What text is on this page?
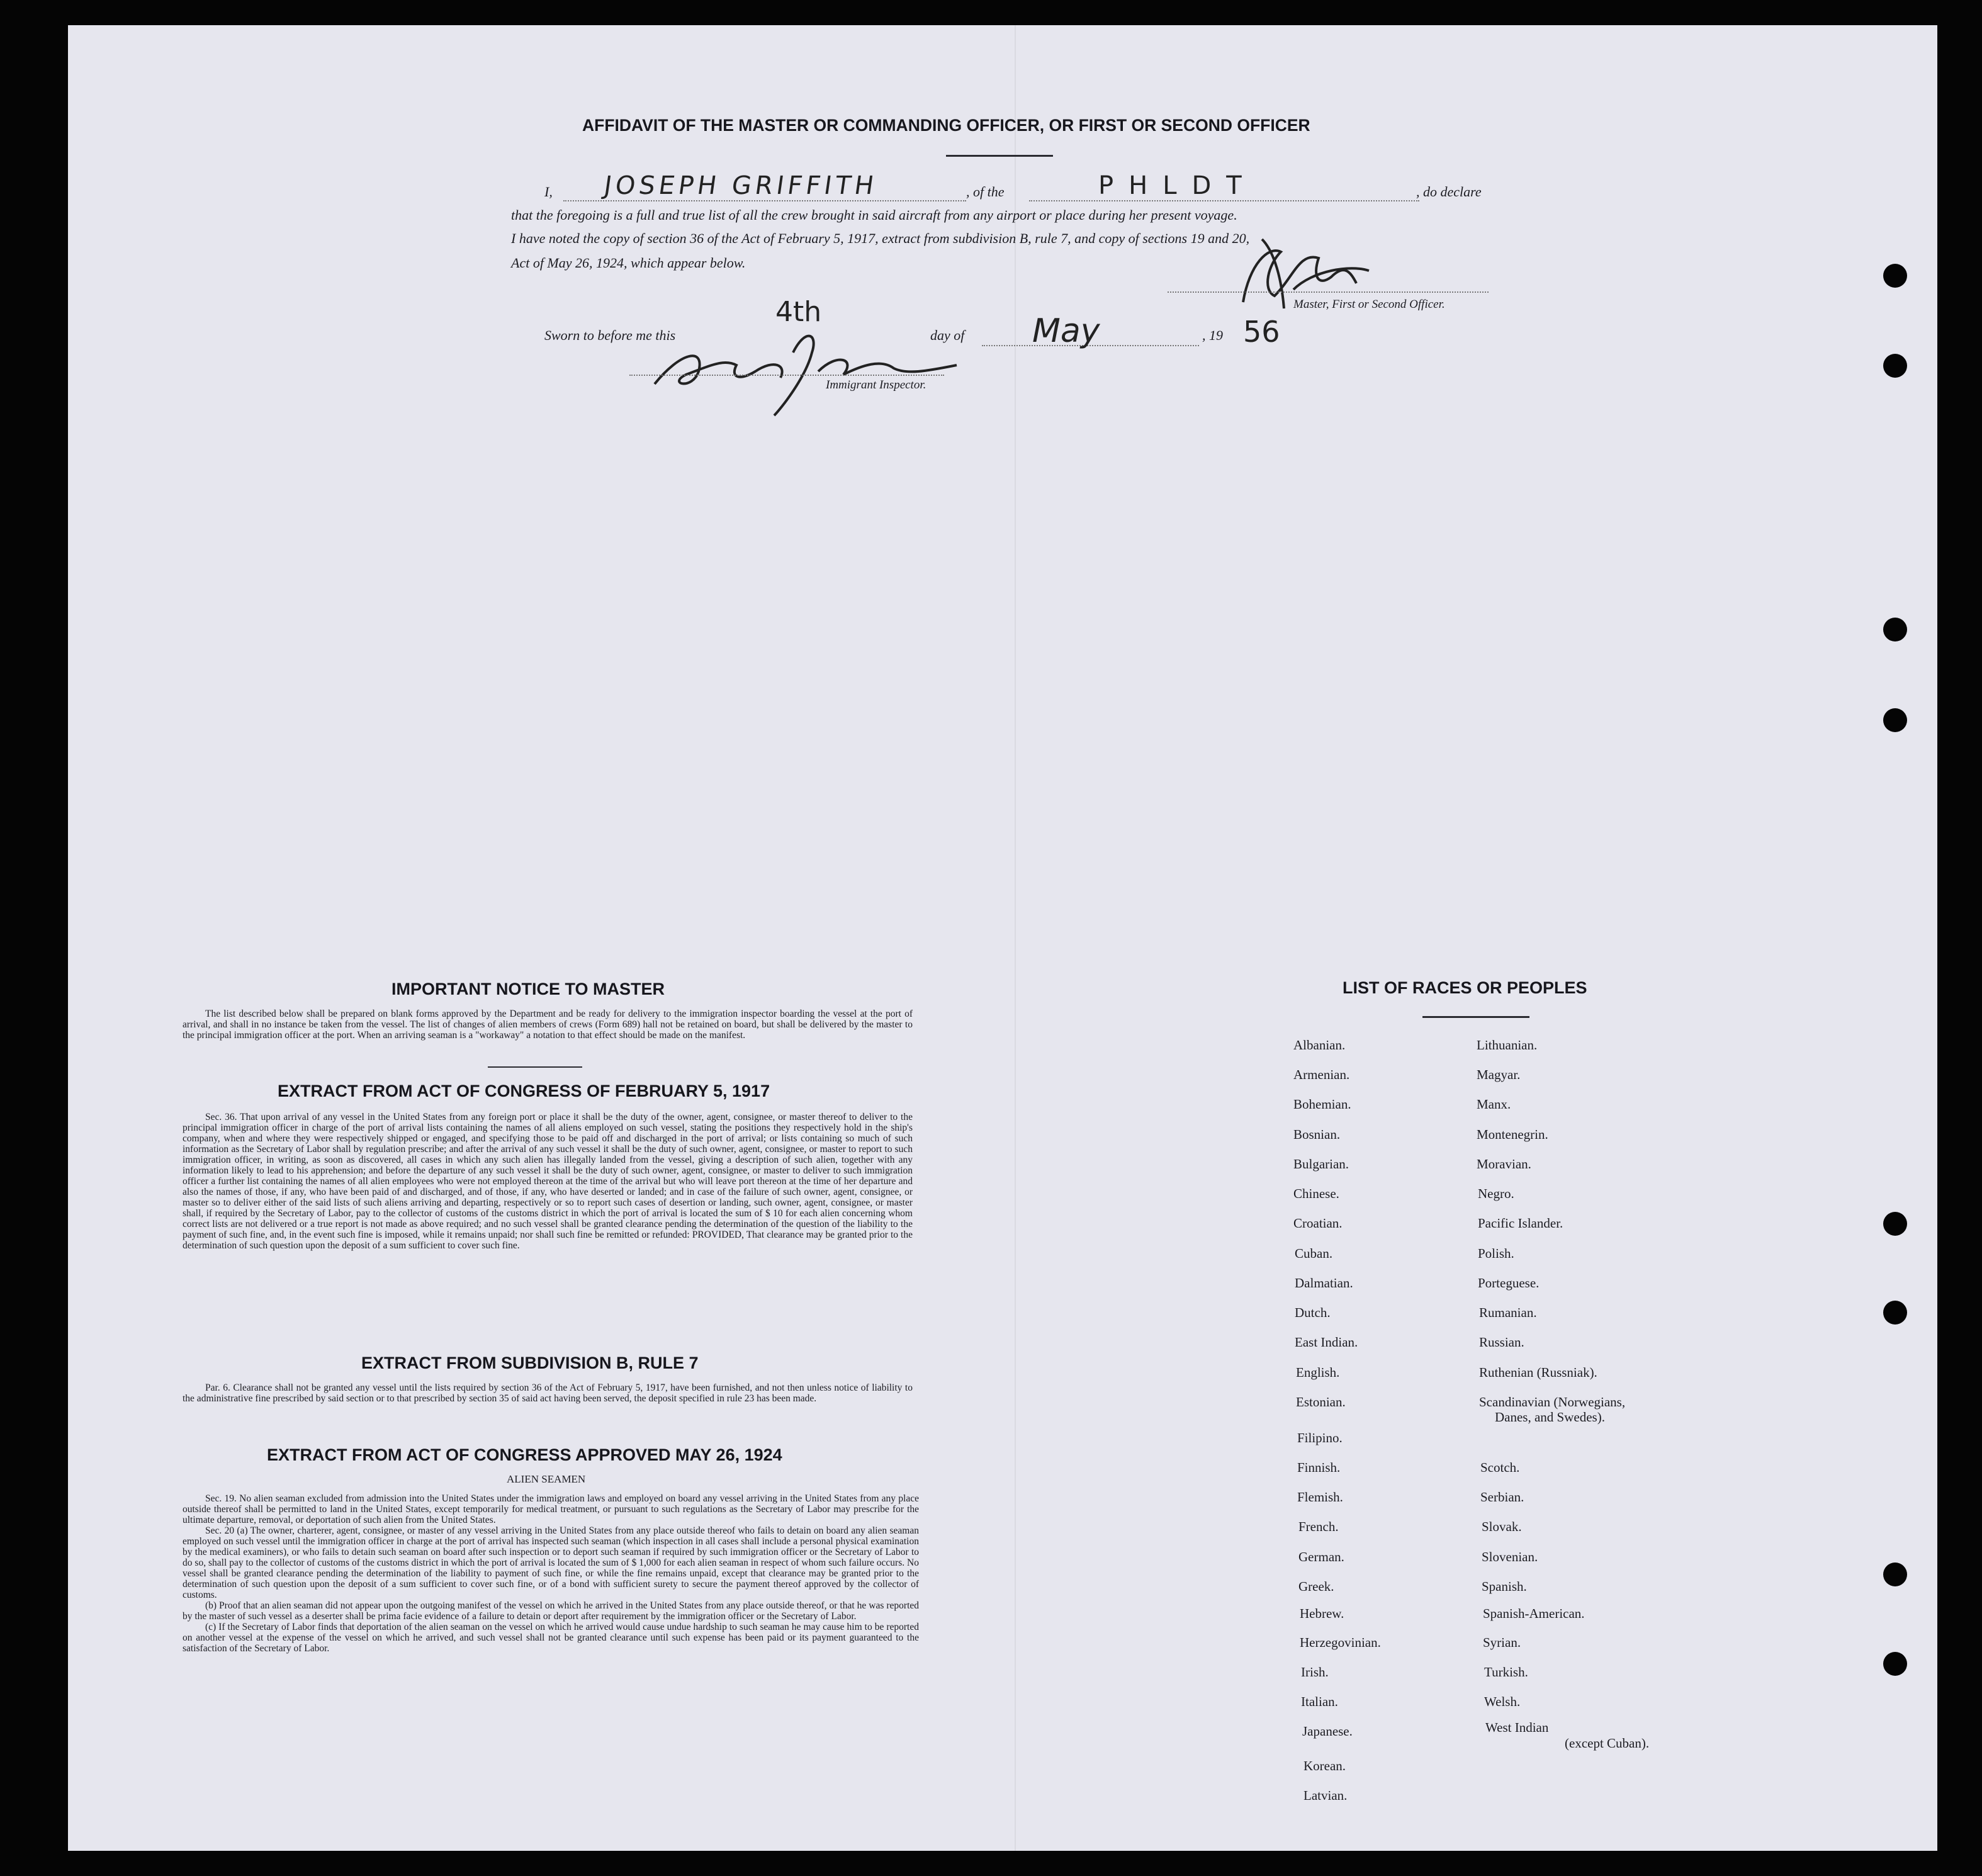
AFFIDAVIT OF THE MASTER OR COMMANDING OFFICER, OR FIRST OR SECOND OFFICER
I, JOSEPH GRIFFITH	, of the	PHLDT	, do declare
that the foregoing is a full and true list of all the crew brought in said aircraft from any airport or place during her present voyage.
I have noted the copy of section 36 of the Act of February 5, 1917, extract from subdivision B, rule 7, and copy of sections 19 and 20,
Act of May 26, 1924, which appear below.
Master, First or Second Officer.
Sworn to before me this
4th
day of May	, 19 56
Immigrant Inspector.
IMPORTANT NOTICE TO MASTER

The list described below shall be prepared on blank forms approved by the Department and be ready for delivery to the immigration inspector boarding the vessel at the port of arrival, and shall in no instance be taken from the vessel. The list of changes of alien members of crews (Form 689) hall not be retained on board, but shall be delivered by the master to the principal immigration officer at the port. When an arriving seaman is a "workaway" a notation to that effect should be made on the manifest.

EXTRACT FROM ACT OF CONGRESS OF FEBRUARY 5, 1917

Sec. 36. That upon arrival of any vessel in the United States from any foreign port or place it shall be the duty of the owner, agent, consignee, or master thereof to deliver to the principal immigration officer in charge of the port of arrival lists containing the names of all aliens employed on such vessel, stating the positions they respectively hold in the ship's company, when and where they were respectively shipped or engaged, and specifying those to be paid off and discharged in the port of arrival; or lists containing so much of such information as the Secretary of Labor shall by regulation prescribe; and after the arrival of any such vessel it shall be the duty of such owner, agent, consignee, or master to report to such immigration officer, in writing, as soon as discovered, all cases in which any such alien has illegally landed from the vessel, giving a description of such alien, together with any information likely to lead to his apprehension; and before the departure of any such vessel it shall be the duty of such owner, agent, consignee, or master to deliver to such immigration officer a further list containing the names of all alien employees who were not employed thereon at the time of the arrival but who will leave port thereon at the time of her departure and also the names of those, if any, who have been paid of and discharged, and of those, if any, who have deserted or landed; and in case of the failure of such owner, agent, consignee, or master so to deliver either of the said lists of such aliens arriving and departing, respectively or so to report such cases of desertion or landing, such owner, agent, consignee, or master shall, if required by the Secretary of Labor, pay to the collector of customs of the customs district in which the port of arrival is located the sum of $ 10 for each alien concerning whom correct lists are not delivered or a true report is not made as above required; and no such vessel shall be granted clearance pending the determination of the question of the liability to the payment of such fine, and, in the event such fine is imposed, while it remains unpaid; nor shall such fine be remitted or refunded: PROVIDED, That clearance may be granted prior to the determination of such question upon the deposit of a sum sufficient to cover such fine.

EXTRACT FROM SUBDIVISION B, RULE 7

Par. 6. Clearance shall not be granted any vessel until the lists required by section 36 of the Act of February 5, 1917, have been furnished, and not then unless notice of liability to the administrative fine prescribed by said section or to that prescribed by section 35 of said act having been served, the deposit specified in rule 23 has been made.

EXTRACT FROM ACT OF CONGRESS APPROVED MAY 26, 1924
ALIEN SEAMEN

Sec. 19. No alien seaman excluded from admission into the United States under the immigration laws and employed on board any vessel arriving in the United States from any place outside thereof shall be permitted to land in the United States, except temporarily for medical treatment, or pursuant to such regulations as the Secretary of Labor may prescribe for the ultimate departure, removal, or deportation of such alien from the United States.

Sec. 20 (a) The owner, charterer, agent, consignee, or master of any vessel arriving in the United States from any place outside thereof who fails to detain on board any alien seaman employed on such vessel until the immigration officer in charge at the port of arrival has inspected such seaman (which inspection in all cases shall include a personal physical examination by the medical examiners), or who fails to detain such seaman on board after such inspection or to deport such seaman if required by such immigration officer or the Secretary of Labor to do so, shall pay to the collector of customs of the customs district in which the port of arrival is located the sum of $ 1,000 for each alien seaman in respect of whom such failure occurs. No vessel shall be granted clearance pending the determination of the liability to payment of such fine, or while the fine remains unpaid, except that clearance may be granted prior to the determination of such question upon the deposit of a sum sufficient to cover such fine, or of a bond with sufficient surety to secure the payment thereof approved by the collector of customs.

(b) Proof that an alien seaman did not appear upon the outgoing manifest of the vessel on which he arrived in the United States from any place outside thereof, or that he was reported by the master of such vessel as a deserter shall be prima facie evidence of a failure to detain or deport after requirement by the immigration officer or the Secretary of Labor.

(c) If the Secretary of Labor finds that deportation of the alien seaman on the vessel on which he arrived would cause undue hardship to such seaman he may cause him to be reported on another vessel at the expense of the vessel on which he arrived, and such vessel shall not be granted clearance until such expense has been paid or its payment guaranteed to the satisfaction of the Secretary of Labor.

LIST OF RACES OR PEOPLES
Albanian.
Armenian.
Bohemian.
Bosnian.
Bulgarian.
Chinese.
Croatian.
Cuban.
Dalmatian.
Dutch.
East Indian.
English.
Estonian.
Filipino.
Finnish.
Flemish.
French.
German.
Greek.
Hebrew.
Herzegovinian.
Irish.
Italian.
Japanese.
Korean.
Latvian.
Lithuanian.
Magyar.
Manx.
Montenegrin.
Moravian.
Negro.
Pacific Islander.
Polish.
Porteguese.
Rumanian.
Russian.
Ruthenian (Russniak).
Scandinavian (Norwegians,
Danes, and Swedes).
Scotch.
Serbian.
Slovak.
Slovenian.
Spanish.
Spanish-American.
Syrian.
Turkish.
Welsh.
West Indian
(except Cuban).
